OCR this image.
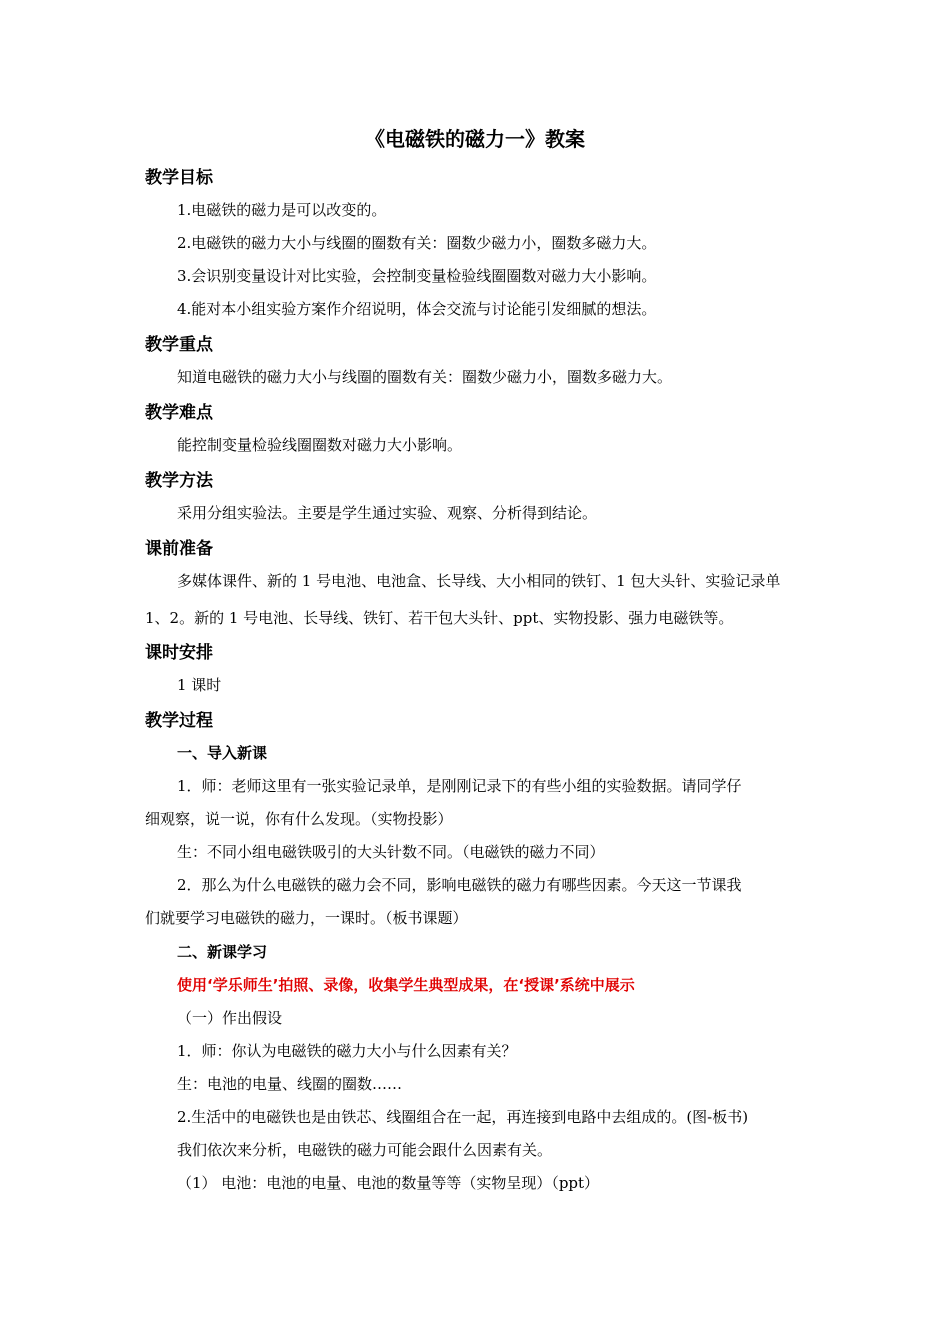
《电磁铁的磁力一》教案
教学目标
1.电磁铁的磁力是可以改变的。
2.电磁铁的磁力大小与线圈的圈数有关：圈数少磁力小，圈数多磁力大。
3.会识别变量设计对比实验，会控制变量检验线圈圈数对磁力大小影响。
4.能对本小组实验方案作介绍说明，体会交流与讨论能引发细腻的想法。
教学重点
知道电磁铁的磁力大小与线圈的圈数有关：圈数少磁力小，圈数多磁力大。
教学难点
能控制变量检验线圈圈数对磁力大小影响。
教学方法
采用分组实验法。主要是学生通过实验、观察、分析得到结论。
课前准备
多媒体课件、新的 1 号电池、电池盒、长导线、大小相同的铁钉、1 包大头针、实验记录单
1、2。新的 1 号电池、长导线、铁钉、若干包大头针、ppt、实物投影、强力电磁铁等。
课时安排
1 课时
教学过程
一、导入新课
1．师：老师这里有一张实验记录单，是刚刚记录下的有些小组的实验数据。请同学仔
细观察，说一说，你有什么发现。（实物投影）
生：不同小组电磁铁吸引的大头针数不同。（电磁铁的磁力不同）
2．那么为什么电磁铁的磁力会不同，影响电磁铁的磁力有哪些因素。今天这一节课我
们就要学习电磁铁的磁力，一课时。（板书课题）
二、新课学习
使用‘学乐师生’拍照、录像，收集学生典型成果，在‘授课’系统中展示
（一）作出假设
1．师：你认为电磁铁的磁力大小与什么因素有关？
生：电池的电量、线圈的圈数……
2.生活中的电磁铁也是由铁芯、线圈组合在一起，再连接到电路中去组成的。(图-板书)
我们依次来分析，电磁铁的磁力可能会跟什么因素有关。
（1） 电池：电池的电量、电池的数量等等（实物呈现）（ppt）
